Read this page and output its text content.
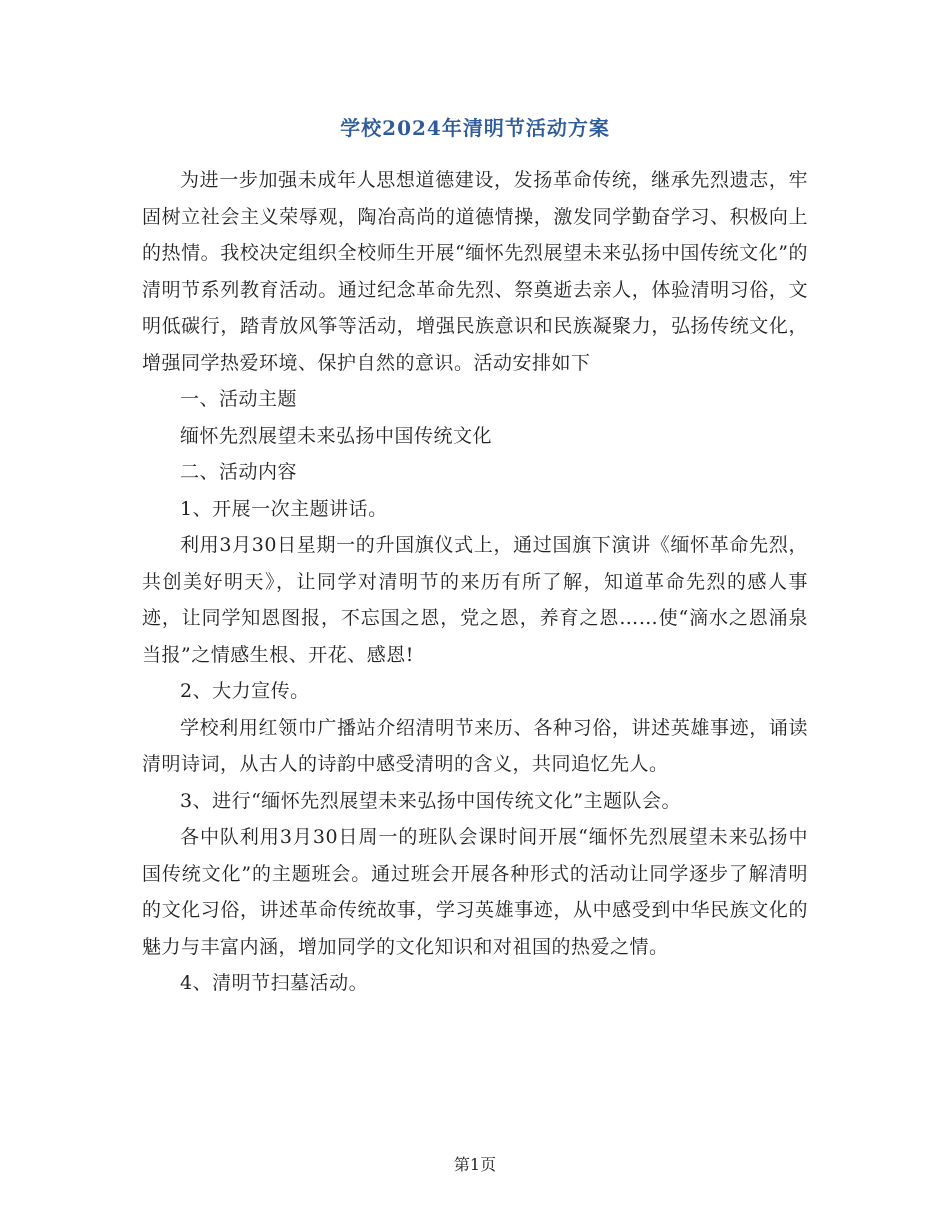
学校2024年清明节活动方案

为进一步加强未成年人思想道德建设，发扬革命传统，继承先烈遗志，牢固树立社会主义荣辱观，陶冶高尚的道德情操，激发同学勤奋学习、积极向上的热情。我校决定组织全校师生开展“缅怀先烈展望未来弘扬中国传统文化”的清明节系列教育活动。通过纪念革命先烈、祭奠逝去亲人，体验清明习俗，文明低碳行，踏青放风筝等活动，增强民族意识和民族凝聚力，弘扬传统文化，增强同学热爱环境、保护自然的意识。活动安排如下

一、活动主题

缅怀先烈展望未来弘扬中国传统文化

二、活动内容

1、开展一次主题讲话。

利用3月30日星期一的升国旗仪式上，通过国旗下演讲《缅怀革命先烈，共创美好明天》，让同学对清明节的来历有所了解，知道革命先烈的感人事迹，让同学知恩图报，不忘国之恩，党之恩，养育之恩……使“滴水之恩涌泉当报”之情感生根、开花、感恩!

2、大力宣传。

学校利用红领巾广播站介绍清明节来历、各种习俗，讲述英雄事迹，诵读清明诗词，从古人的诗韵中感受清明的含义，共同追忆先人。

3、进行“缅怀先烈展望未来弘扬中国传统文化”主题队会。

各中队利用3月30日周一的班队会课时间开展“缅怀先烈展望未来弘扬中国传统文化”的主题班会。通过班会开展各种形式的活动让同学逐步了解清明的文化习俗，讲述革命传统故事，学习英雄事迹，从中感受到中华民族文化的魅力与丰富内涵，增加同学的文化知识和对祖国的热爱之情。

4、清明节扫墓活动。

第1页
